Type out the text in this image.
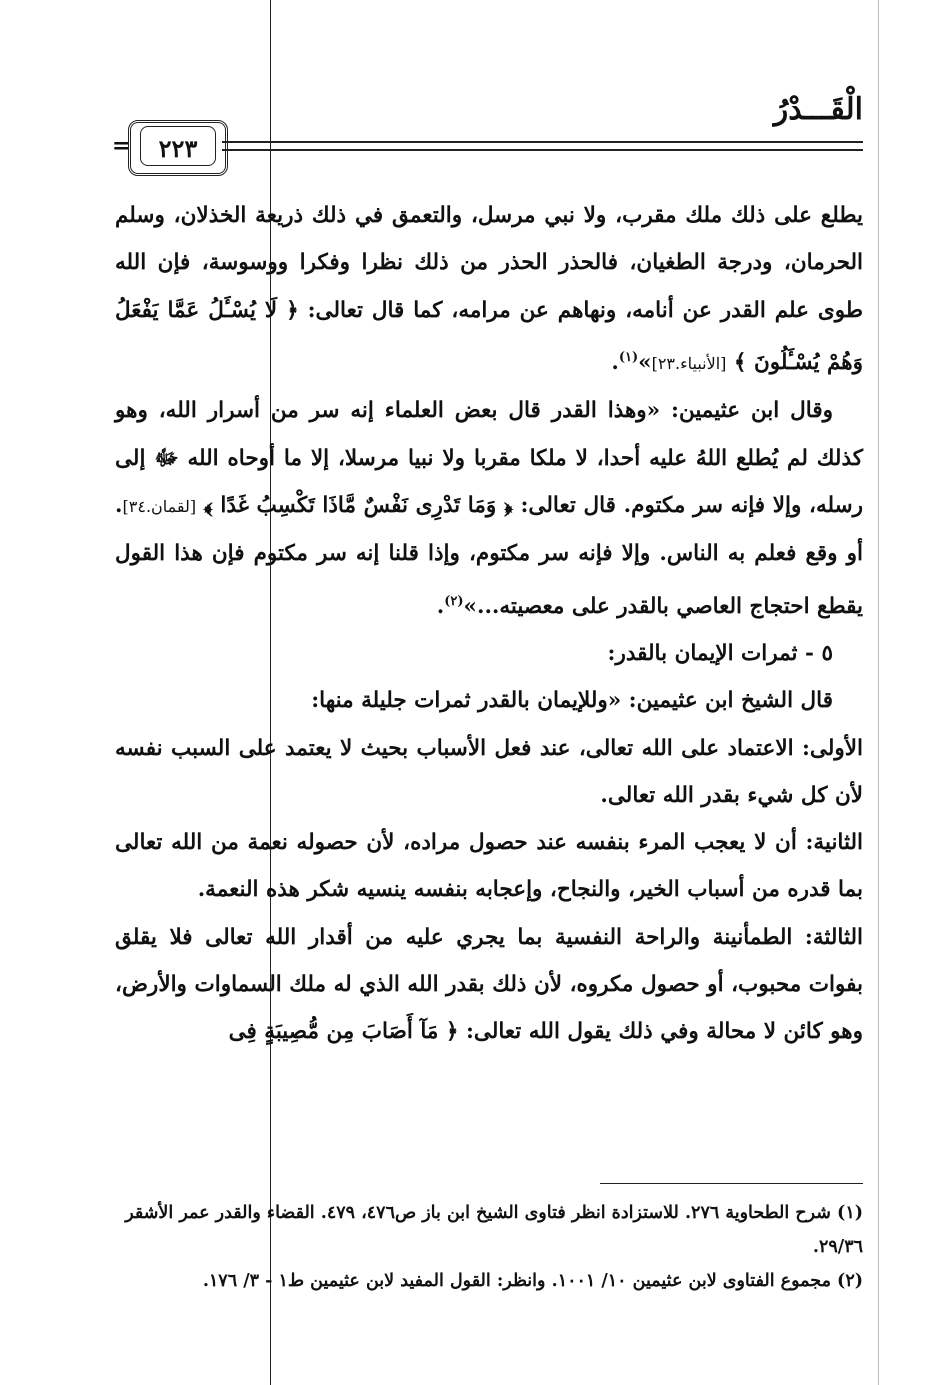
الْقَـــدْرُ
٢٢٣
=

يطلع على ذلك ملك مقرب، ولا نبي مرسل، والتعمق في ذلك ذريعة الخذلان، وسلم الحرمان، ودرجة الطغيان، فالحذر الحذر من ذلك نظرا وفكرا ووسوسة، فإن الله طوى علم القدر عن أنامه، ونهاهم عن مرامه، كما قال تعالى: ﴿ لَا يُسْـَٔلُ عَمَّا يَفْعَلُ وَهُمْ يُسْـَٔلُونَ ﴾ [الأنبياء.٢٣]»$^{(١)}$.

وقال ابن عثيمين: «وهذا القدر قال بعض العلماء إنه سر من أسرار الله، وهو كذلك لم يُطلع اللهُ عليه أحدا، لا ملكا مقربا ولا نبيا مرسلا، إلا ما أوحاه الله ﷻ إلى رسله، وإلا فإنه سر مكتوم. قال تعالى: ﴿ وَمَا تَدْرِى نَفْسٌ مَّاذَا تَكْسِبُ غَدًا ﴾ [لقمان.٣٤]. أو وقع فعلم به الناس. وإلا فإنه سر مكتوم، وإذا قلنا إنه سر مكتوم فإن هذا القول يقطع احتجاج العاصي بالقدر على معصيته...»$^{(٢)}$.

٥ - ثمرات الإيمان بالقدر:

قال الشيخ ابن عثيمين: «وللإيمان بالقدر ثمرات جليلة منها:

الأولى: الاعتماد على الله تعالى، عند فعل الأسباب بحيث لا يعتمد على السبب نفسه لأن كل شيء بقدر الله تعالى.

الثانية: أن لا يعجب المرء بنفسه عند حصول مراده، لأن حصوله نعمة من الله تعالى بما قدره من أسباب الخير، والنجاح، وإعجابه بنفسه ينسيه شكر هذه النعمة.

الثالثة: الطمأنينة والراحة النفسية بما يجري عليه من أقدار الله تعالى فلا يقلق بفوات محبوب، أو حصول مكروه، لأن ذلك بقدر الله الذي له ملك السماوات والأرض، وهو كائن لا محالة وفي ذلك يقول الله تعالى: ﴿ مَآ أَصَابَ مِن مُّصِيبَةٍ فِى

(١) شرح الطحاوية ٢٧٦. للاستزادة انظر فتاوى الشيخ ابن باز ص٤٧٦، ٤٧٩. القضاء والقدر عمر الأشقر ٢٩/٣٦.

(٢) مجموع الفتاوى لابن عثيمين ١٠/ ١٠٠١. وانظر: القول المفيد لابن عثيمين ط١ - ٣/ ١٧٦.
